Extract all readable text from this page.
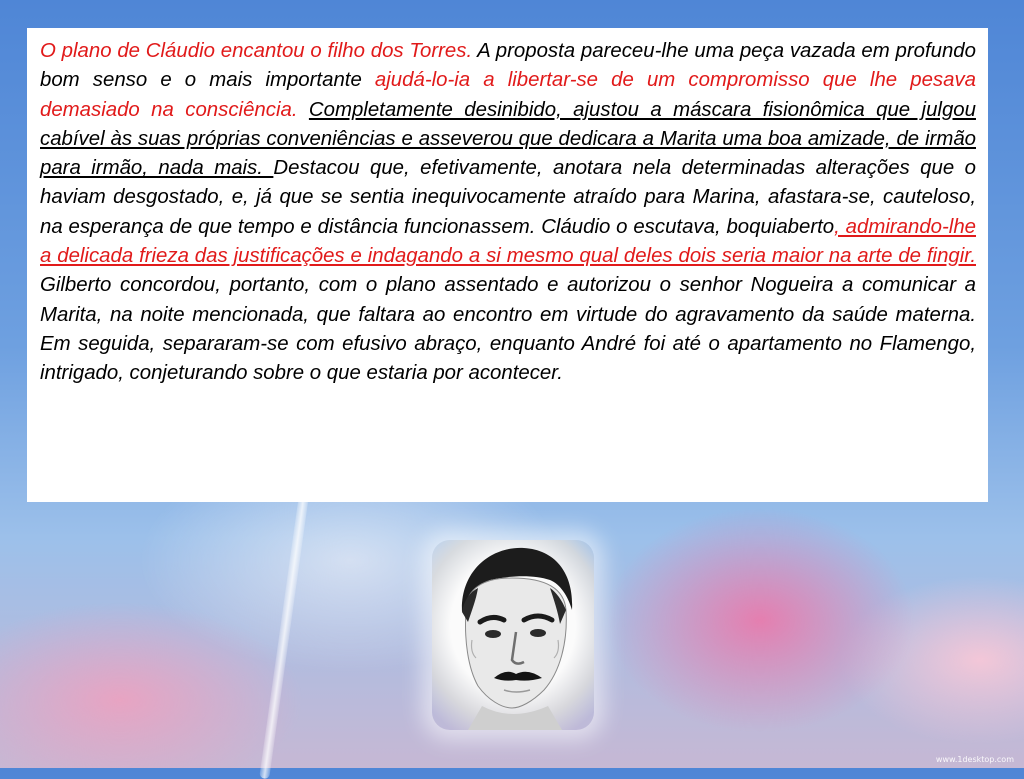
O plano de Cláudio encantou o filho dos Torres. A proposta pareceu-lhe uma peça vazada em profundo bom senso e o mais importante ajudá-lo-ia a libertar-se de um compromisso que lhe pesava demasiado na consciência. Completamente desinibido, ajustou a máscara fisionômica que julgou cabível às suas próprias conveniências e asseverou que dedicara a Marita uma boa amizade, de irmão para irmão, nada mais. Destacou que, efetivamente, anotara nela determinadas alterações que o haviam desgostado, e, já que se sentia inequivocamente atraído para Marina, afastara-se, cauteloso, na esperança de que tempo e distância funcionassem. Cláudio o escutava, boquiaberto, admirando-lhe a delicada frieza das justificações e indagando a si mesmo qual deles dois seria maior na arte de fingir. Gilberto concordou, portanto, com o plano assentado e autorizou o senhor Nogueira a comunicar a Marita, na noite mencionada, que faltara ao encontro em virtude do agravamento da saúde materna. Em seguida, separaram-se com efusivo abraço, enquanto André foi até o apartamento no Flamengo, intrigado, conjeturando sobre o que estaria por acontecer.

www.1desktop.com
